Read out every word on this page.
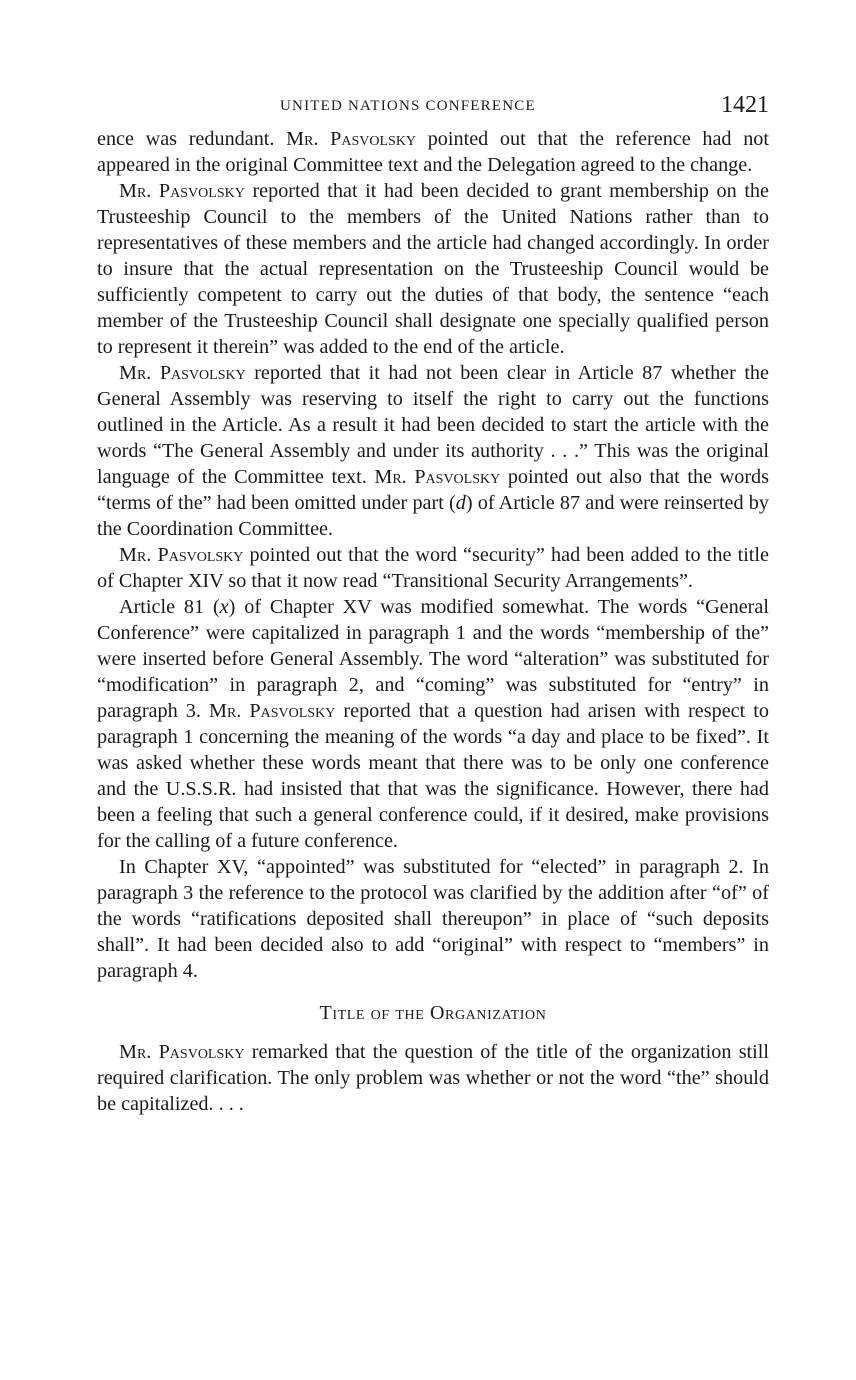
UNITED NATIONS CONFERENCE	1421

ence was redundant. Mr. Pasvolsky pointed out that the reference had not appeared in the original Committee text and the Delegation agreed to the change.

Mr. Pasvolsky reported that it had been decided to grant membership on the Trusteeship Council to the members of the United Nations rather than to representatives of these members and the article had changed accordingly. In order to insure that the actual representation on the Trusteeship Council would be sufficiently competent to carry out the duties of that body, the sentence “each member of the Trusteeship Council shall designate one specially qualified person to represent it therein” was added to the end of the article.

Mr. Pasvolsky reported that it had not been clear in Article 87 whether the General Assembly was reserving to itself the right to carry out the functions outlined in the Article. As a result it had been decided to start the article with the words “The General Assembly and under its authority . . .” This was the original language of the Committee text. Mr. Pasvolsky pointed out also that the words “terms of the” had been omitted under part (d) of Article 87 and were reinserted by the Coordination Committee.

Mr. Pasvolsky pointed out that the word “security” had been added to the title of Chapter XIV so that it now read “Transitional Security Arrangements”.

Article 81 (x) of Chapter XV was modified somewhat. The words “General Conference” were capitalized in paragraph 1 and the words “membership of the” were inserted before General Assembly. The word “alteration” was substituted for “modification” in paragraph 2, and “coming” was substituted for “entry” in paragraph 3. Mr. Pasvolsky reported that a question had arisen with respect to paragraph 1 concerning the meaning of the words “a day and place to be fixed”. It was asked whether these words meant that there was to be only one conference and the U.S.S.R. had insisted that that was the significance. However, there had been a feeling that such a general conference could, if it desired, make provisions for the calling of a future conference.

In Chapter XV, “appointed” was substituted for “elected” in paragraph 2. In paragraph 3 the reference to the protocol was clarified by the addition after “of” of the words “ratifications deposited shall thereupon” in place of “such deposits shall”. It had been decided also to add “original” with respect to “members” in paragraph 4.

Title of the Organization

Mr. Pasvolsky remarked that the question of the title of the organization still required clarification. The only problem was whether or not the word “the” should be capitalized. . . .
